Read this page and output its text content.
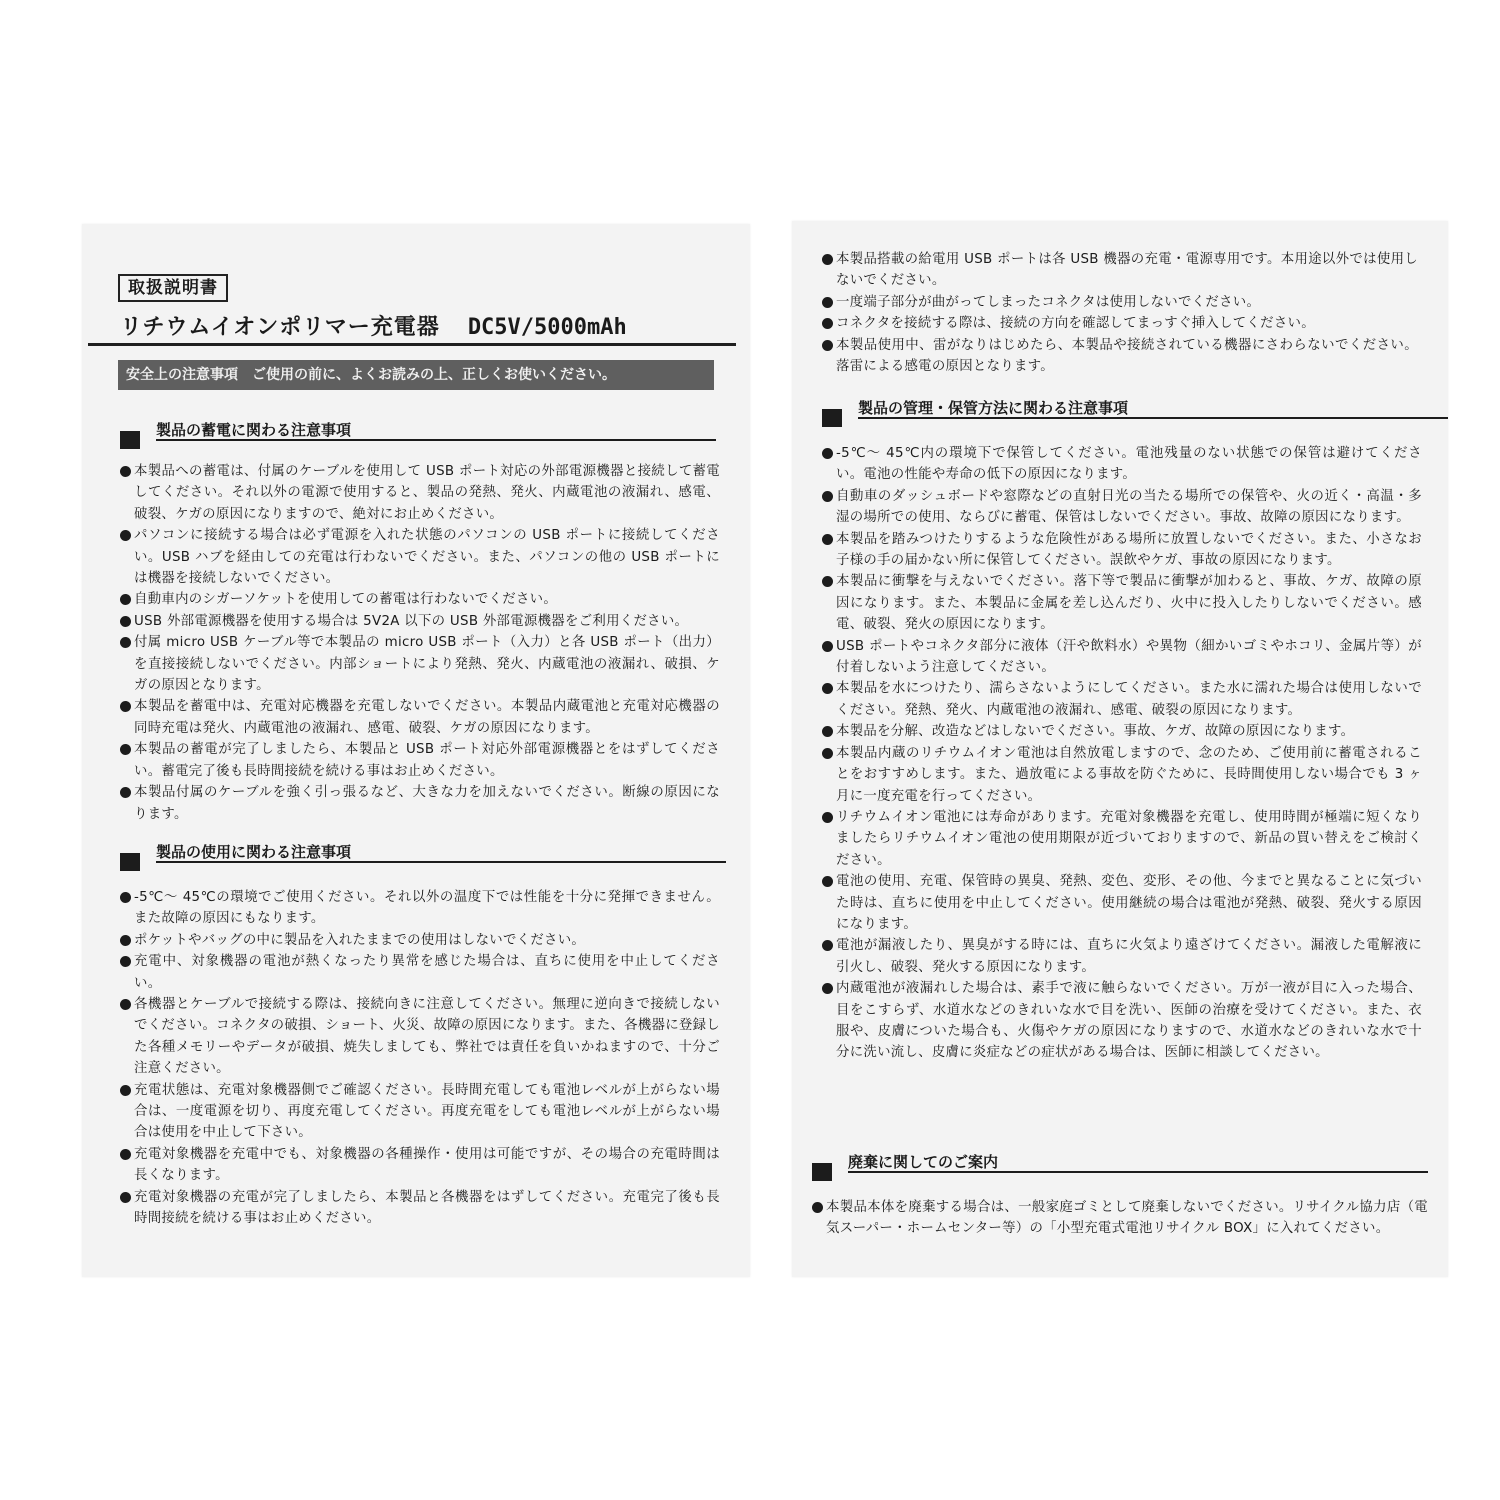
取扱説明書
リチウムイオンポリマー充電器 DC5V/5000mAh
安全上の注意事項　ご使用の前に、よくお読みの上、正しくお使いください。
製品の蓄電に関わる注意事項
本製品への蓄電は、付属のケーブルを使用して USB ポート対応の外部電源機器と接続して蓄電してください。それ以外の電源で使用すると、製品の発熱、発火、内蔵電池の液漏れ、感電、破裂、ケガの原因になりますので、絶対にお止めください。
パソコンに接続する場合は必ず電源を入れた状態のパソコンの USB ポートに接続してください。USB ハブを経由しての充電は行わないでください。また、パソコンの他の USB ポートには機器を接続しないでください。
自動車内のシガーソケットを使用しての蓄電は行わないでください。
USB 外部電源機器を使用する場合は 5V2A 以下の USB 外部電源機器をご利用ください。
付属 micro USB ケーブル等で本製品の micro USB ポート（入力）と各 USB ポート（出力）を直接接続しないでください。内部ショートにより発熱、発火、内蔵電池の液漏れ、破損、ケガの原因となります。
本製品を蓄電中は、充電対応機器を充電しないでください。本製品内蔵電池と充電対応機器の同時充電は発火、内蔵電池の液漏れ、感電、破裂、ケガの原因になります。
本製品の蓄電が完了しましたら、本製品と USB ポート対応外部電源機器とをはずしてください。蓄電完了後も長時間接続を続ける事はお止めください。
本製品付属のケーブルを強く引っ張るなど、大きな力を加えないでください。断線の原因になります。
製品の使用に関わる注意事項
-5℃～ 45℃の環境でご使用ください。それ以外の温度下では性能を十分に発揮できません。また故障の原因にもなります。
ポケットやバッグの中に製品を入れたままでの使用はしないでください。
充電中、対象機器の電池が熱くなったり異常を感じた場合は、直ちに使用を中止してください。
各機器とケーブルで接続する際は、接続向きに注意してください。無理に逆向きで接続しないでください。コネクタの破損、ショート、火災、故障の原因になります。また、各機器に登録した各種メモリーやデータが破損、焼失しましても、弊社では責任を負いかねますので、十分ご注意ください。
充電状態は、充電対象機器側でご確認ください。長時間充電しても電池レベルが上がらない場合は、一度電源を切り、再度充電してください。再度充電をしても電池レベルが上がらない場合は使用を中止して下さい。
充電対象機器を充電中でも、対象機器の各種操作・使用は可能ですが、その場合の充電時間は長くなります。
充電対象機器の充電が完了しましたら、本製品と各機器をはずしてください。充電完了後も長時間接続を続ける事はお止めください。
本製品搭載の給電用 USB ポートは各 USB 機器の充電・電源専用です。本用途以外では使用しないでください。
一度端子部分が曲がってしまったコネクタは使用しないでください。
コネクタを接続する際は、接続の方向を確認してまっすぐ挿入してください。
本製品使用中、雷がなりはじめたら、本製品や接続されている機器にさわらないでください。落雷による感電の原因となります。
製品の管理・保管方法に関わる注意事項
-5℃～ 45℃内の環境下で保管してください。電池残量のない状態での保管は避けてください。電池の性能や寿命の低下の原因になります。
自動車のダッシュボードや窓際などの直射日光の当たる場所での保管や、火の近く・高温・多湿の場所での使用、ならびに蓄電、保管はしないでください。事故、故障の原因になります。
本製品を踏みつけたりするような危険性がある場所に放置しないでください。また、小さなお子様の手の届かない所に保管してください。誤飲やケガ、事故の原因になります。
本製品に衝撃を与えないでください。落下等で製品に衝撃が加わると、事故、ケガ、故障の原因になります。また、本製品に金属を差し込んだり、火中に投入したりしないでください。感電、破裂、発火の原因になります。
USB ポートやコネクタ部分に液体（汗や飲料水）や異物（細かいゴミやホコリ、金属片等）が付着しないよう注意してください。
本製品を水につけたり、濡らさないようにしてください。また水に濡れた場合は使用しないでください。発熱、発火、内蔵電池の液漏れ、感電、破裂の原因になります。
本製品を分解、改造などはしないでください。事故、ケガ、故障の原因になります。
本製品内蔵のリチウムイオン電池は自然放電しますので、念のため、ご使用前に蓄電されることをおすすめします。また、過放電による事故を防ぐために、長時間使用しない場合でも 3 ヶ月に一度充電を行ってください。
リチウムイオン電池には寿命があります。充電対象機器を充電し、使用時間が極端に短くなりましたらリチウムイオン電池の使用期限が近づいておりますので、新品の買い替えをご検討ください。
電池の使用、充電、保管時の異臭、発熱、変色、変形、その他、今までと異なることに気づいた時は、直ちに使用を中止してください。使用継続の場合は電池が発熱、破裂、発火する原因になります。
電池が漏液したり、異臭がする時には、直ちに火気より遠ざけてください。漏液した電解液に引火し、破裂、発火する原因になります。
内蔵電池が液漏れした場合は、素手で液に触らないでください。万が一液が目に入った場合、目をこすらず、水道水などのきれいな水で目を洗い、医師の治療を受けてください。また、衣服や、皮膚についた場合も、火傷やケガの原因になりますので、水道水などのきれいな水で十分に洗い流し、皮膚に炎症などの症状がある場合は、医師に相談してください。
廃棄に関してのご案内
本製品本体を廃棄する場合は、一般家庭ゴミとして廃棄しないでください。リサイクル協力店（電気スーパー・ホームセンター等）の「小型充電式電池リサイクル BOX」に入れてください。
